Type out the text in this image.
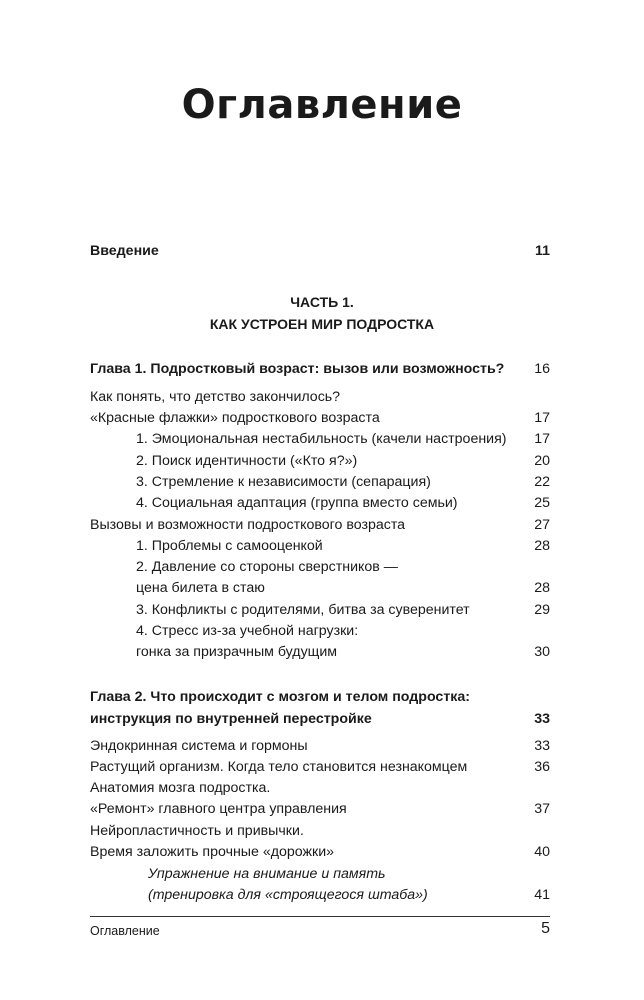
Оглавление
Введение	11
ЧАСТЬ 1.
КАК УСТРОЕН МИР ПОДРОСТКА
Глава 1. Подростковый возраст: вызов или возможность? 16
Как понять, что детство закончилось?
«Красные флажки» подросткового возраста	17
1. Эмоциональная нестабильность (качели настроения) 17
2. Поиск идентичности («Кто я?»)	20
3. Стремление к независимости (сепарация)	22
4. Социальная адаптация (группа вместо семьи)	25
Вызовы и возможности подросткового возраста	27
1. Проблемы с самооценкой	28
2. Давление со стороны сверстников —
цена билета в стаю	28
3. Конфликты с родителями, битва за суверенитет	29
4. Стресс из-за учебной нагрузки:
гонка за призрачным будущим	30
Глава 2. Что происходит с мозгом и телом подростка:
инструкция по внутренней перестройке	33
Эндокринная система и гормоны	33
Растущий организм. Когда тело становится незнакомцем	36
Анатомия мозга подростка.
«Ремонт» главного центра управления	37
Нейропластичность и привычки.
Время заложить прочные «дорожки»	40
Упражнение на внимание и память
(тренировка для «строящегося штаба»)	41
Оглавление	5
